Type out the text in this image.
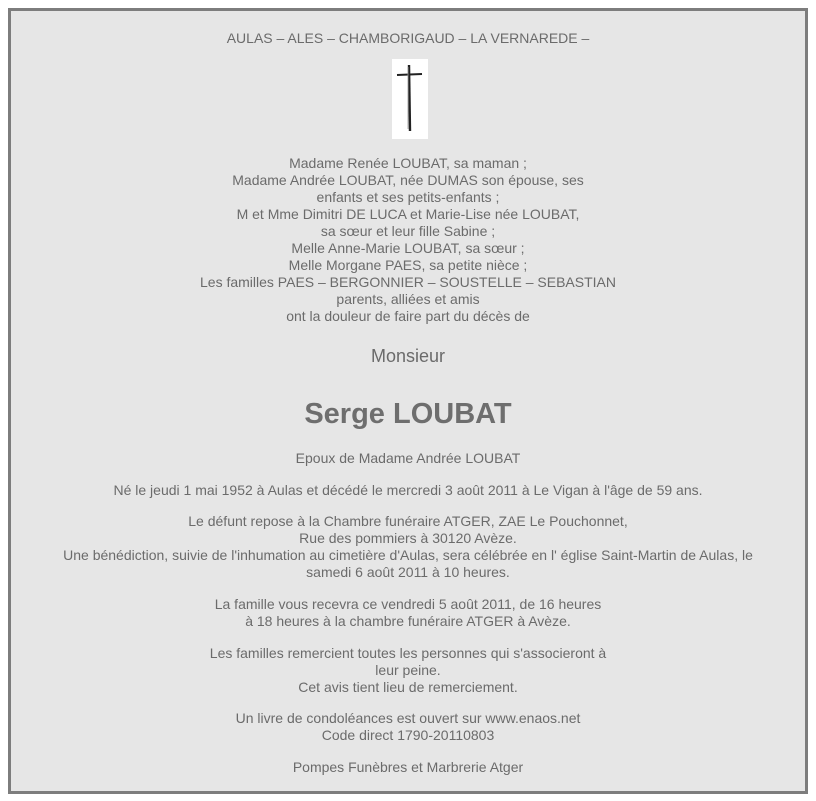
AULAS – ALES – CHAMBORIGAUD – LA VERNAREDE –
Madame Renée LOUBAT, sa maman ;
Madame Andrée LOUBAT, née DUMAS son épouse, ses
enfants et ses petits-enfants ;
M et Mme Dimitri DE LUCA et Marie-Lise née LOUBAT,
sa sœur et leur fille Sabine ;
Melle Anne-Marie LOUBAT, sa sœur ;
Melle Morgane PAES, sa petite nièce ;
Les familles PAES – BERGONNIER – SOUSTELLE – SEBASTIAN
parents, alliées et amis
ont la douleur de faire part du décès de
Monsieur
Serge LOUBAT
Epoux de Madame Andrée LOUBAT
Né le jeudi 1 mai 1952 à Aulas et décédé le mercredi 3 août 2011 à Le Vigan à l'âge de 59 ans.
Le défunt repose à la Chambre funéraire ATGER, ZAE Le Pouchonnet,
Rue des pommiers à 30120 Avèze.
Une bénédiction, suivie de l'inhumation au cimetière d'Aulas, sera célébrée en l' église Saint-Martin de Aulas, le
samedi 6 août 2011 à 10 heures.
La famille vous recevra ce vendredi 5 août 2011, de 16 heures
à 18 heures à la chambre funéraire ATGER à Avèze.
Les familles remercient toutes les personnes qui s'associeront à
leur peine.
Cet avis tient lieu de remerciement.
Un livre de condoléances est ouvert sur www.enaos.net
Code direct 1790-20110803
Pompes Funèbres et Marbrerie Atger
